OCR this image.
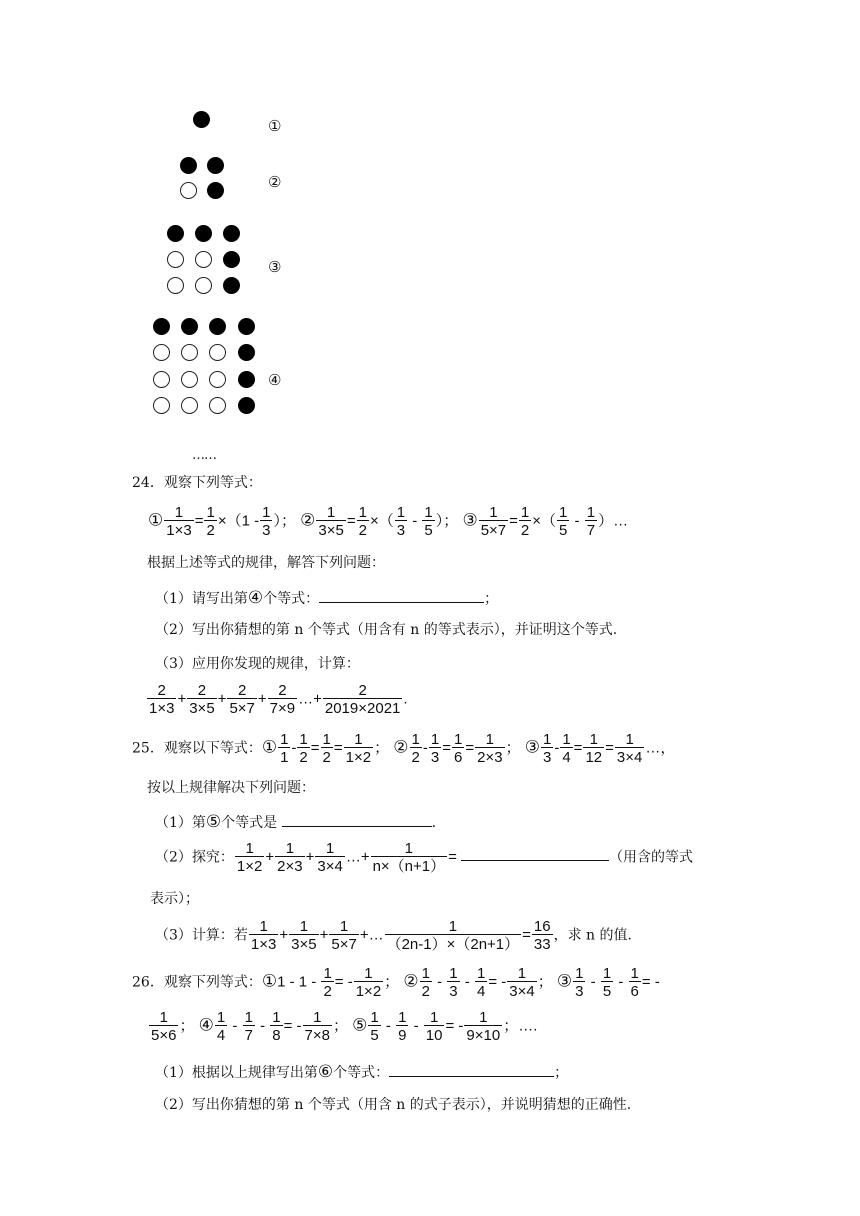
①
②
③
④
……
24．观察下列等式：
① $\frac{1}{1\times 3} = \frac{1}{2} \times(1 - \frac{1}{3}$ ）； ② $\frac{1}{3\times 5} = \frac{1}{2}$ ×（ $\frac{1}{3} - \frac{1}{5}$ ）； ③ $\frac{1}{5\times 7} = \frac{1}{2}$ ×（ $\frac{1}{5} - \frac{1}{7}$ ）…
根据上述等式的规律，解答下列问题：
（1）请写出第④个等式：	；
（2）写出你猜想的第 n 个等式（用含有 n 的等式表示），并证明这个等式.
（3）应用你发现的规律，计算：
$\frac{2}{1\times 3} + \frac{2}{3\times 5} + \frac{2}{5\times 7} + \frac{2}{7\times 9}$ …+ $\frac{2}{2019\times 2021}$ .
25．观察以下等式：① $\frac{1}{1} - \frac{1}{2} = \frac{1}{2} = \frac{1}{1\times 2}$ ； ② $\frac{1}{2} - \frac{1}{3} = \frac{1}{6} = \frac{1}{2\times 3}$ ； ③ $\frac{1}{3} - \frac{1}{4} = \frac{1}{12} = \frac{1}{3\times 4}$ …，
按以上规律解决下列问题：
（1）第⑤个等式是	.
（2）探究： $\frac{1}{1\times 2} + \frac{1}{2\times 3} + \frac{1}{3\times 4}$ …+ $\frac{1}{n\times(n+1)}$ =	（用含的等式
表示）；
（3）计算：若 $\frac{1}{1\times 3} + \frac{1}{3\times 5} + \frac{1}{5\times 7}$ +… $\frac{1}{(2n-1)\times(2n+1)} = \frac{16}{33}$ ，求 n 的值.
26．观察下列等式：①1 - $1 - \frac{1}{2}$ = - $\frac{1}{1\times 2}$ ； ② $\frac{1}{2} - \frac{1}{3} - \frac{1}{4}$ = - $\frac{1}{3\times 4}$ ； ③ $\frac{1}{3} - \frac{1}{5} - \frac{1}{6}$ = -
$\frac{1}{5\times 6}$ ； ④ $\frac{1}{4} - \frac{1}{7} - \frac{1}{8}$ = - $\frac{1}{7\times 8}$ ； ⑤ $\frac{1}{5} - \frac{1}{9} - \frac{1}{10}$ = - $\frac{1}{9\times 10}$ ；….
（1）根据以上规律写出第⑥个等式：	；
（2）写出你猜想的第 n 个等式（用含 n 的式子表示），并说明猜想的正确性.
